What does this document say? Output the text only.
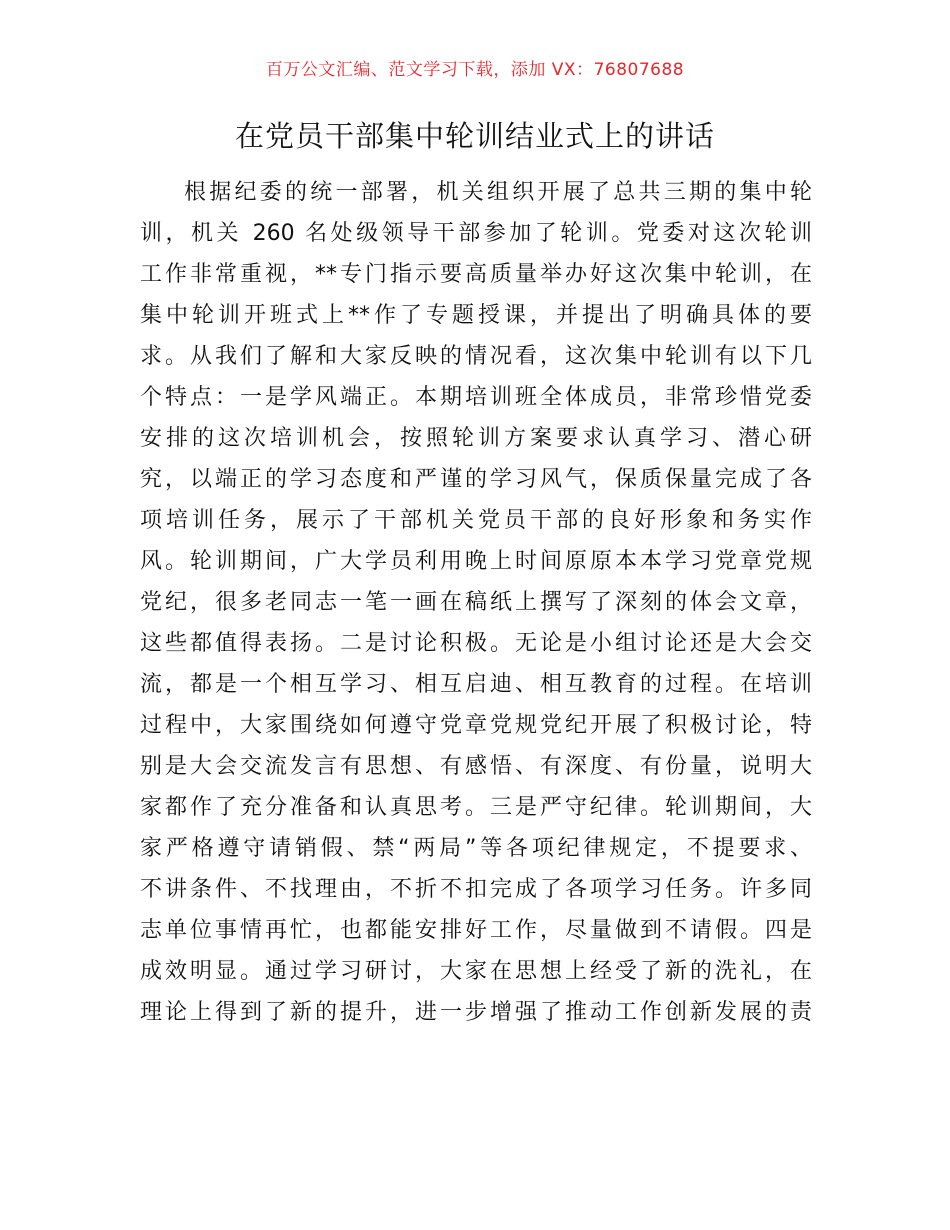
百万公文汇编、范文学习下载，添加 VX：76807688
在党员干部集中轮训结业式上的讲话
根据纪委的统一部署，机关组织开展了总共三期的集中轮
训，机关 260 名处级领导干部参加了轮训。党委对这次轮训
工作非常重视，**专门指示要高质量举办好这次集中轮训，在
集中轮训开班式上**作了专题授课，并提出了明确具体的要
求。从我们了解和大家反映的情况看，这次集中轮训有以下几
个特点：一是学风端正。本期培训班全体成员，非常珍惜党委
安排的这次培训机会，按照轮训方案要求认真学习、潜心研
究，以端正的学习态度和严谨的学习风气，保质保量完成了各
项培训任务，展示了干部机关党员干部的良好形象和务实作
风。轮训期间，广大学员利用晚上时间原原本本学习党章党规
党纪，很多老同志一笔一画在稿纸上撰写了深刻的体会文章，
这些都值得表扬。二是讨论积极。无论是小组讨论还是大会交
流，都是一个相互学习、相互启迪、相互教育的过程。在培训
过程中，大家围绕如何遵守党章党规党纪开展了积极讨论，特
别是大会交流发言有思想、有感悟、有深度、有份量，说明大
家都作了充分准备和认真思考。三是严守纪律。轮训期间，大
家严格遵守请销假、禁“两局”等各项纪律规定，不提要求、
不讲条件、不找理由，不折不扣完成了各项学习任务。许多同
志单位事情再忙，也都能安排好工作，尽量做到不请假。四是
成效明显。通过学习研讨，大家在思想上经受了新的洗礼，在
理论上得到了新的提升，进一步增强了推动工作创新发展的责
